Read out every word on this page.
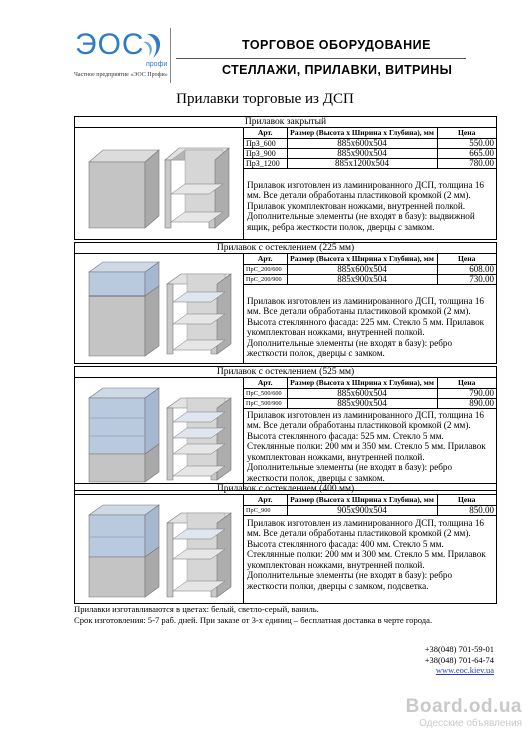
ЭОС
профи
Частное предприятие «ЭОС Профи»
ТОРГОВОЕ ОБОРУДОВАНИЕ
СТЕЛЛАЖИ, ПРИЛАВКИ, ВИТРИНЫ
Прилавки торговые из ДСП
Прилавок закрытый
Арт.	Размер (Высота х Ширина х Глубина), мм	Цена
ПрЗ_600	885x600x504	550.00
ПрЗ_900	885x900x504	665.00
ПрЗ_1200	885x1200x504	780.00
Прилавок изготовлен из ламинированного ДСП, толщина 16 мм. Все детали обработаны пластиковой кромкой (2 мм). Прилавок укомплектован ножками, внутренней полкой. Дополнительные элементы (не входят в базу): выдвижной ящик, ребра жесткости полок, дверцы с замком.
Прилавок с остеклением (225 мм)
Арт.	Размер (Высота х Ширина х Глубина), мм	Цена
ПрС_200/600	885x600x504	608.00
ПрС_200/900	885x900x504	730.00
Прилавок изготовлен из ламинированного ДСП, толщина 16 мм. Все детали обработаны пластиковой кромкой (2 мм). Высота стеклянного фасада: 225 мм. Стекло 5 мм. Прилавок укомплектован ножками, внутренней полкой. Дополнительные элементы (не входят в базу): ребро жесткости полок, дверцы с замком.
Прилавок с остеклением (525 мм)
Арт.	Размер (Высота х Ширина х Глубина), мм	Цена
ПрС_500/600	885x600x504	790.00
ПрС_500/900	885x900x504	890.00
Прилавок изготовлен из ламинированного ДСП, толщина 16 мм. Все детали обработаны пластиковой кромкой (2 мм). Высота стеклянного фасада: 525 мм. Стекло 5 мм. Стеклянные полки: 200 мм и 350 мм. Стекло 5 мм. Прилавок укомплектован ножками, внутренней полкой. Дополнительные элементы (не входят в базу): ребро жесткости полок, дверцы с замком.
Прилавок с остеклением (400 мм)
Арт.	Размер (Высота х Ширина х Глубина), мм	Цена
ПрС_900	905x900x504	850.00
Прилавок изготовлен из ламинированного ДСП, толщина 16 мм. Все детали обработаны пластиковой кромкой (2 мм). Высота стеклянного фасада: 400 мм. Стекло 5 мм. Стеклянные полки: 200 мм и 300 мм. Стекло 5 мм. Прилавок укомплектован ножками, внутренней полкой. Дополнительные элементы (не входят в базу): ребро жесткости полки, дверцы с замком, подсветка.
Прилавки изготавливаются в цветах: белый, светло-серый, ваниль.
Срок изготовления: 5-7 раб. дней. При заказе от 3-х единиц – бесплатная доставка в черте города.
+38(048) 701-59-01
+38(048) 701-64-74
www.eoc.kiev.ua
Board.od.ua
Одесские объявления
